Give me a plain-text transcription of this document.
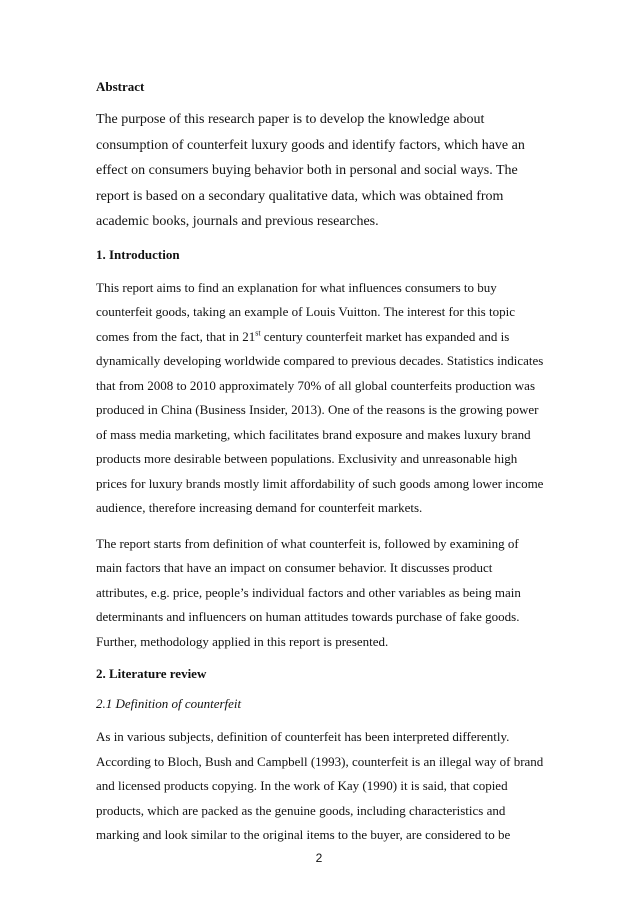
Abstract

The purpose of this research paper is to develop the knowledge about
consumption of counterfeit luxury goods and identify factors, which have an
effect on consumers buying behavior both in personal and social ways. The
report is based on a secondary qualitative data, which was obtained from
academic books, journals and previous researches.

1. Introduction

This report aims to find an explanation for what influences consumers to buy
counterfeit goods, taking an example of Louis Vuitton. The interest for this topic
comes from the fact, that in 21st century counterfeit market has expanded and is
dynamically developing worldwide compared to previous decades. Statistics indicates
that from 2008 to 2010 approximately 70% of all global counterfeits production was
produced in China (Business Insider, 2013). One of the reasons is the growing power
of mass media marketing, which facilitates brand exposure and makes luxury brand
products more desirable between populations. Exclusivity and unreasonable high
prices for luxury brands mostly limit affordability of such goods among lower income
audience, therefore increasing demand for counterfeit markets.

The report starts from definition of what counterfeit is, followed by examining of
main factors that have an impact on consumer behavior. It discusses product
attributes, e.g. price, people’s individual factors and other variables as being main
determinants and influencers on human attitudes towards purchase of fake goods.
Further, methodology applied in this report is presented.

2. Literature review

2.1 Definition of counterfeit

As in various subjects, definition of counterfeit has been interpreted differently.
According to Bloch, Bush and Campbell (1993), counterfeit is an illegal way of brand
and licensed products copying. In the work of Kay (1990) it is said, that copied
products, which are packed as the genuine goods, including characteristics and
marking and look similar to the original items to the buyer, are considered to be

2
